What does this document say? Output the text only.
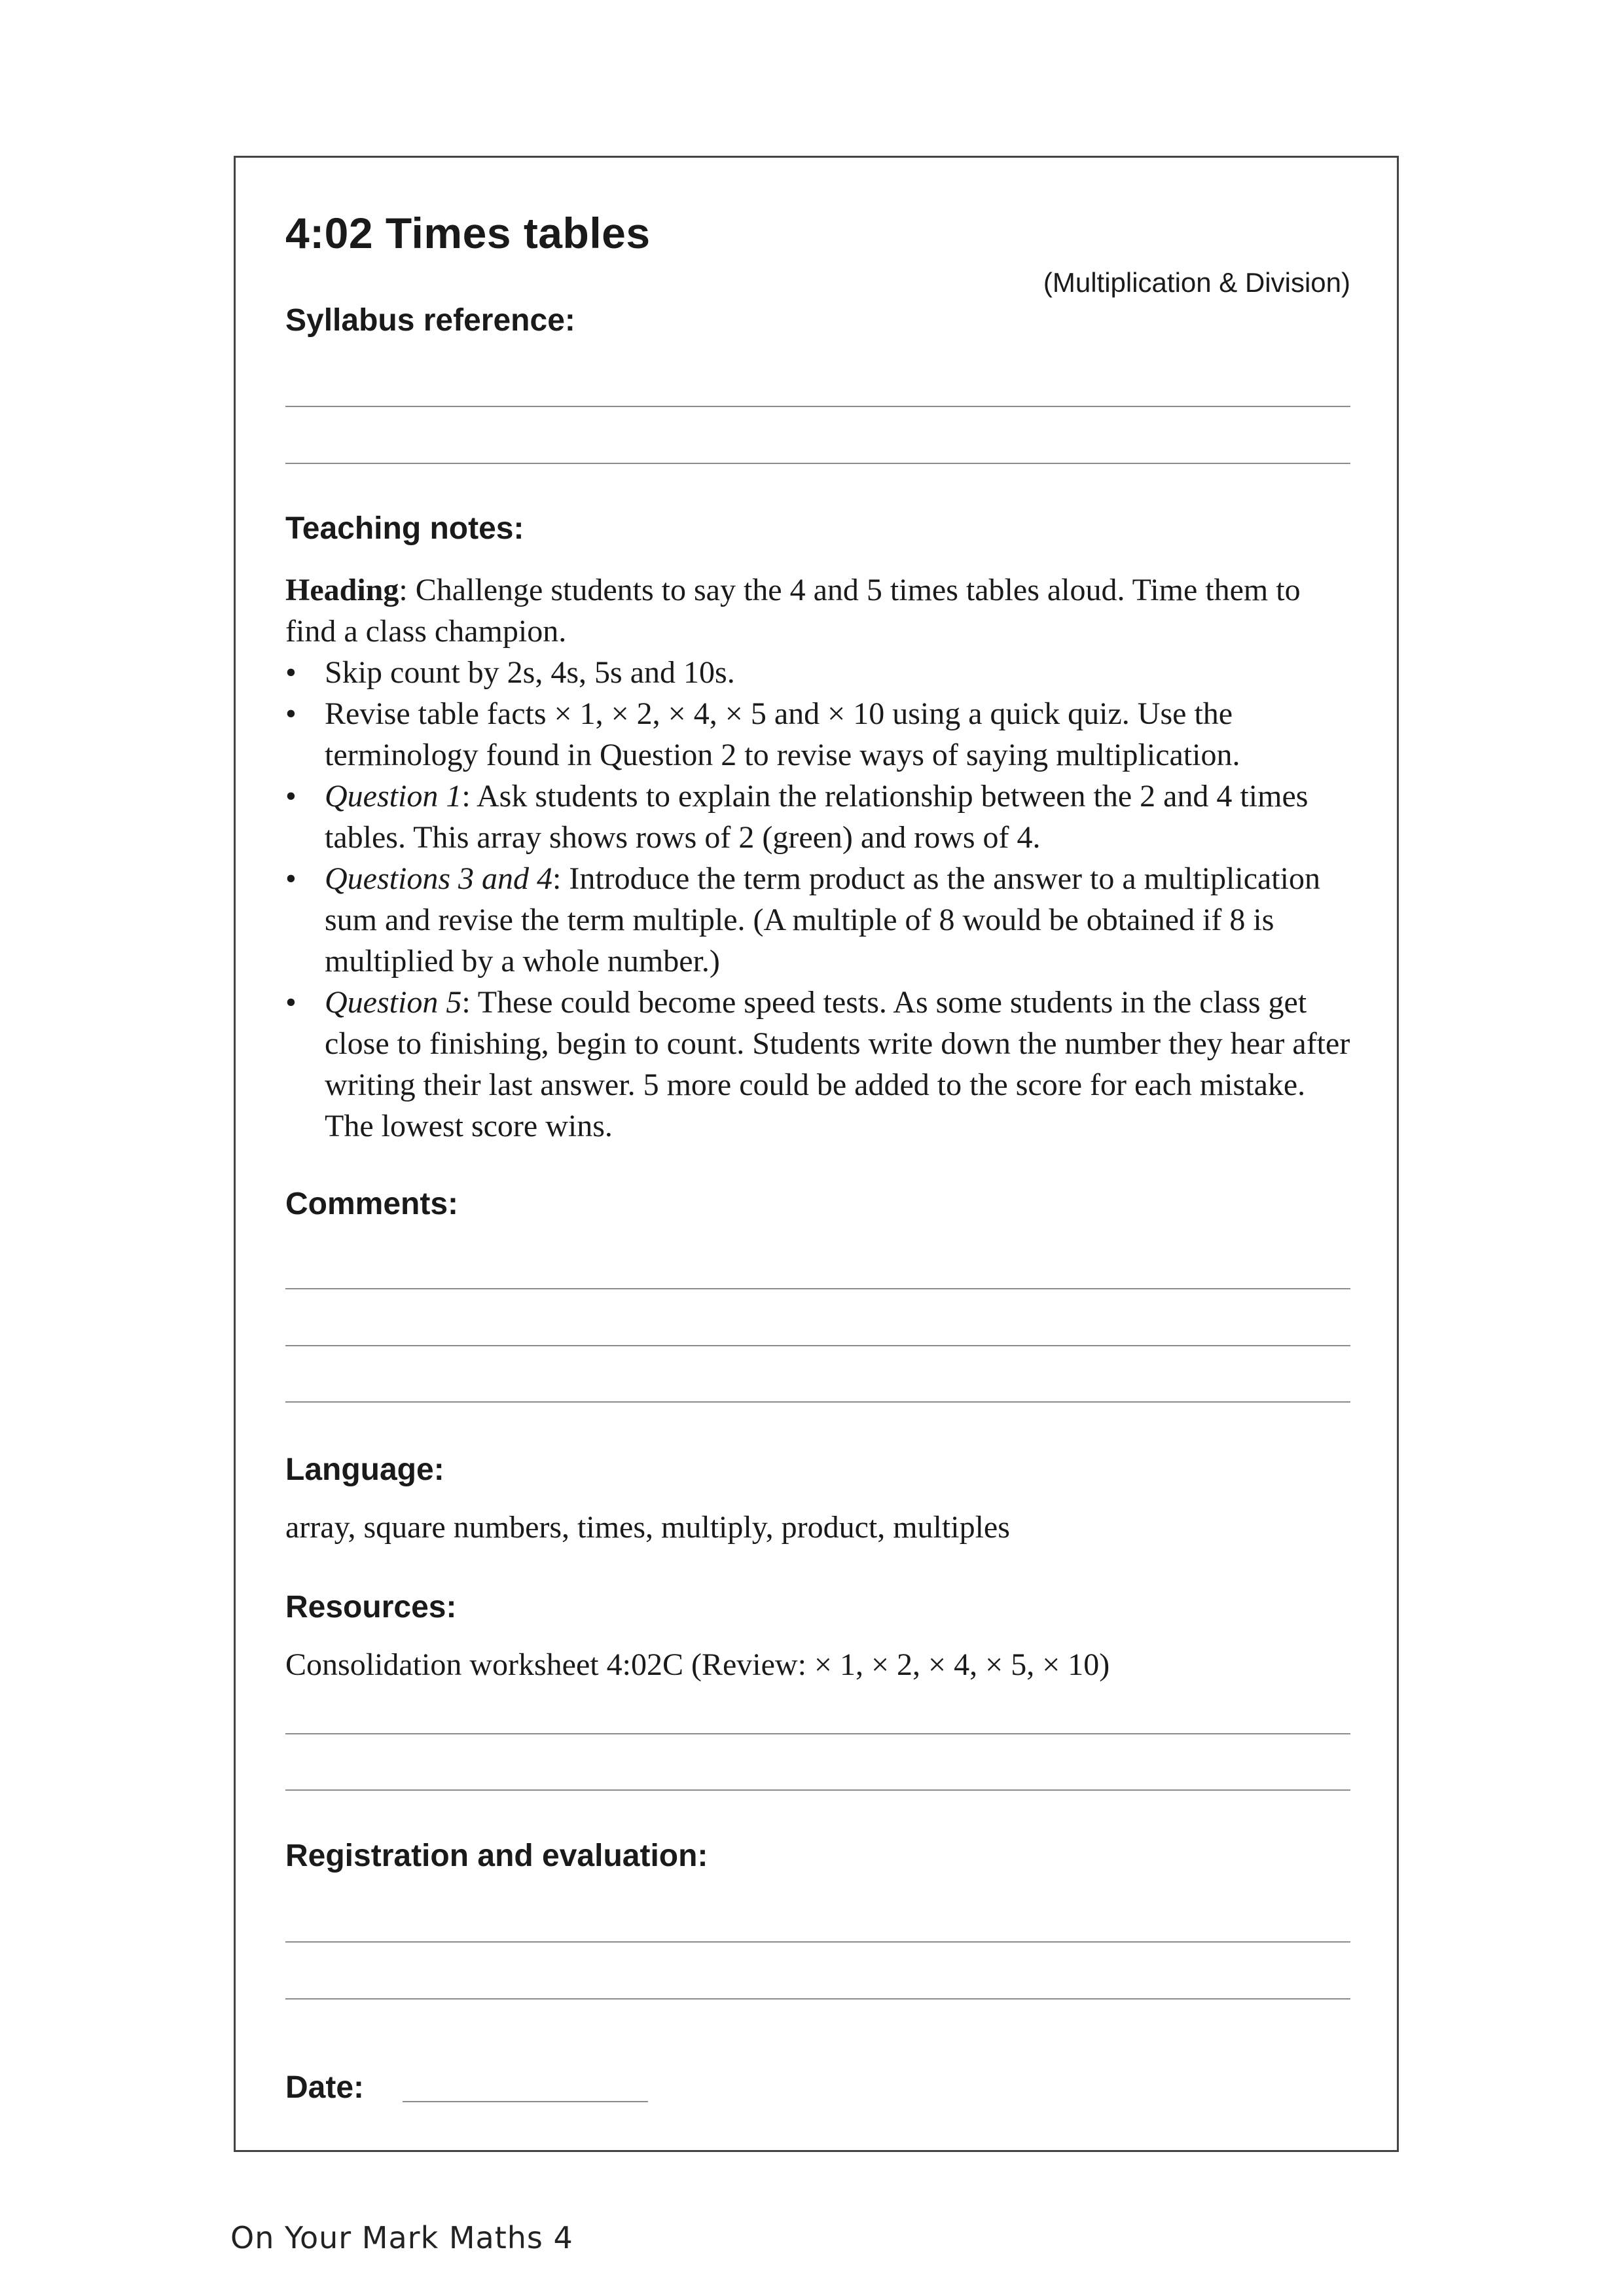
4:02 Times tables
(Multiplication & Division)
Syllabus reference:
Teaching notes:

Heading: Challenge students to say the 4 and 5 times tables aloud. Time them to find a class champion.

• Skip count by 2s, 4s, 5s and 10s.
• Revise table facts × 1, × 2, × 4, × 5 and × 10 using a quick quiz. Use the terminology found in Question 2 to revise ways of saying multiplication.
• Question 1: Ask students to explain the relationship between the 2 and 4 times tables. This array shows rows of 2 (green) and rows of 4.
• Questions 3 and 4: Introduce the term product as the answer to a multiplication sum and revise the term multiple. (A multiple of 8 would be obtained if 8 is multiplied by a whole number.)
• Question 5: These could become speed tests. As some students in the class get close to finishing, begin to count. Students write down the number they hear after writing their last answer. 5 more could be added to the score for each mistake. The lowest score wins.
Comments:
Language:
array, square numbers, times, multiply, product, multiples
Resources:
Consolidation worksheet 4:02C (Review: × 1, × 2, × 4, × 5, × 10)
Registration and evaluation:
Date:
On Your Mark Maths 4
